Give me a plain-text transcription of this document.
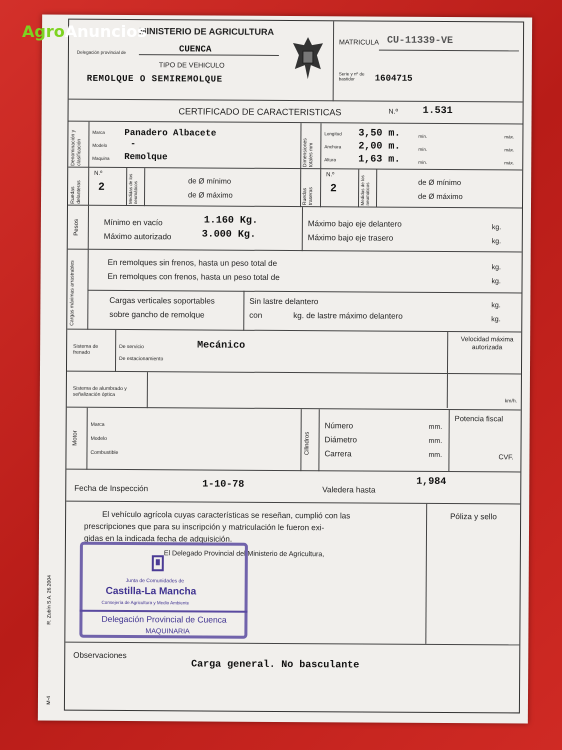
AgroAnuncios
M-4
R. Zubín S.A. 26.2004
MINISTERIO DE AGRICULTURA
Delegación provincial de	CUENCA
TIPO DE VEHICULO
REMOLQUE O SEMIREMOLQUE
MATRICULA CU-11339-VE
Serie y nº de bastidor	1604715
CERTIFICADO DE CARACTERISTICAS	N.º 1.531
Denominación y clasificación
Marca Panadero Albacete
Modelo	-
Maquina Remolque	Dimensiones totales mm
Longitud 3,50 m.	mín.	máx.
Anchura 2,00 m.	mín.	máx.
Altura 1,63 m.	mín.	máx.
Ruedas delanteras
N.º
2	Medidas de los neumáticos
de Ø mínimo
de Ø máximo	Ruedas traseras
N.º
2	Medidas de los neumáticos
de Ø mínimo
de Ø máximo
Pesos	Mínimo en vacío	1.160 Kg.
Máximo autorizado	3.000 Kg.
Máximo bajo eje delantero	kg.
Máximo bajo eje trasero	kg.
Cargas máximas arrastrables	En remolques sin frenos, hasta un peso total de	kg.
En remolques con frenos, hasta un peso total de	kg.
Cargas verticales soportables
sobre gancho de remolque
Sin lastre delantero	kg.
con	kg. de lastre máximo delantero	kg.
Sistema de frenado
De servicio	Mecánico
De estacionamiento
Velocidad máxima autorizada
Sistema de alumbrado y señalización óptica
km/h.
Motor
Marca
Modelo
Combustible	Cilindros
Número	mm.
Diámetro	mm.
Carrera	mm.
Potencia fiscal
CVF.
Fecha de Inspección	1-10-78	Valedera hasta
1,984
El vehículo agrícola cuyas características se reseñan, cumplió con las
prescripciones que para su inscripción y matriculación le fueron exi-
gidas en la indicada fecha de adquisición.
El Delegado Provincial del Ministerio de Agricultura,
Póliza y sello
Junta de Comunidades de
Castilla-La Mancha
Consejería de Agricultura y Medio Ambiente
Delegación Provincial de Cuenca
MAQUINARIA
Observaciones
Carga general. No basculante
